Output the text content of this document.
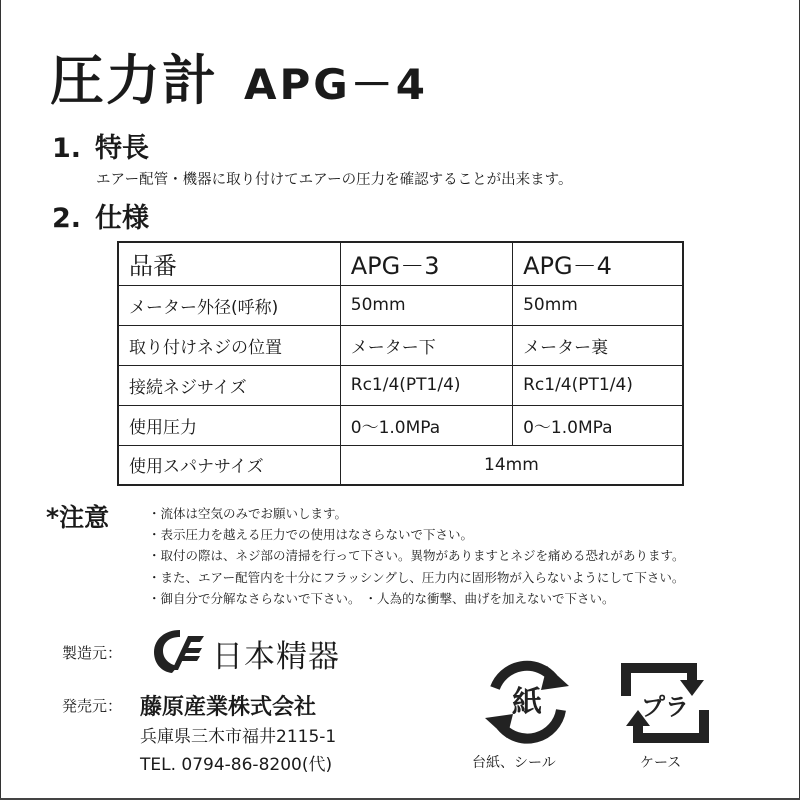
圧力計 APG－4
1. 特長
エアー配管・機器に取り付けてエアーの圧力を確認することが出来ます。
2. 仕様
品番	APG－3	APG－4
メーター外径(呼称)	50mm	50mm
取り付けネジの位置	メーター下	メーター裏
接続ネジサイズ	Rc1/4(PT1/4)	Rc1/4(PT1/4)
使用圧力	0～1.0MPa	0～1.0MPa
使用スパナサイズ	14mm	
*注意	・流体は空気のみでお願いします。
・表示圧力を越える圧力での使用はなさらないで下さい。
・取付の際は、ネジ部の清掃を行って下さい。異物がありますとネジを痛める恐れがあります。
・また、エアー配管内を十分にフラッシングし、圧力内に固形物が入らないようにして下さい。
・御自分で分解なさらないで下さい。 ・人為的な衝撃、曲げを加えないで下さい。
製造元：	日本精器
発売元： 藤原産業株式会社
兵庫県三木市福井2115-1
TEL. 0794-86-8200(代)
紙
台紙、シール
プラ
ケース
